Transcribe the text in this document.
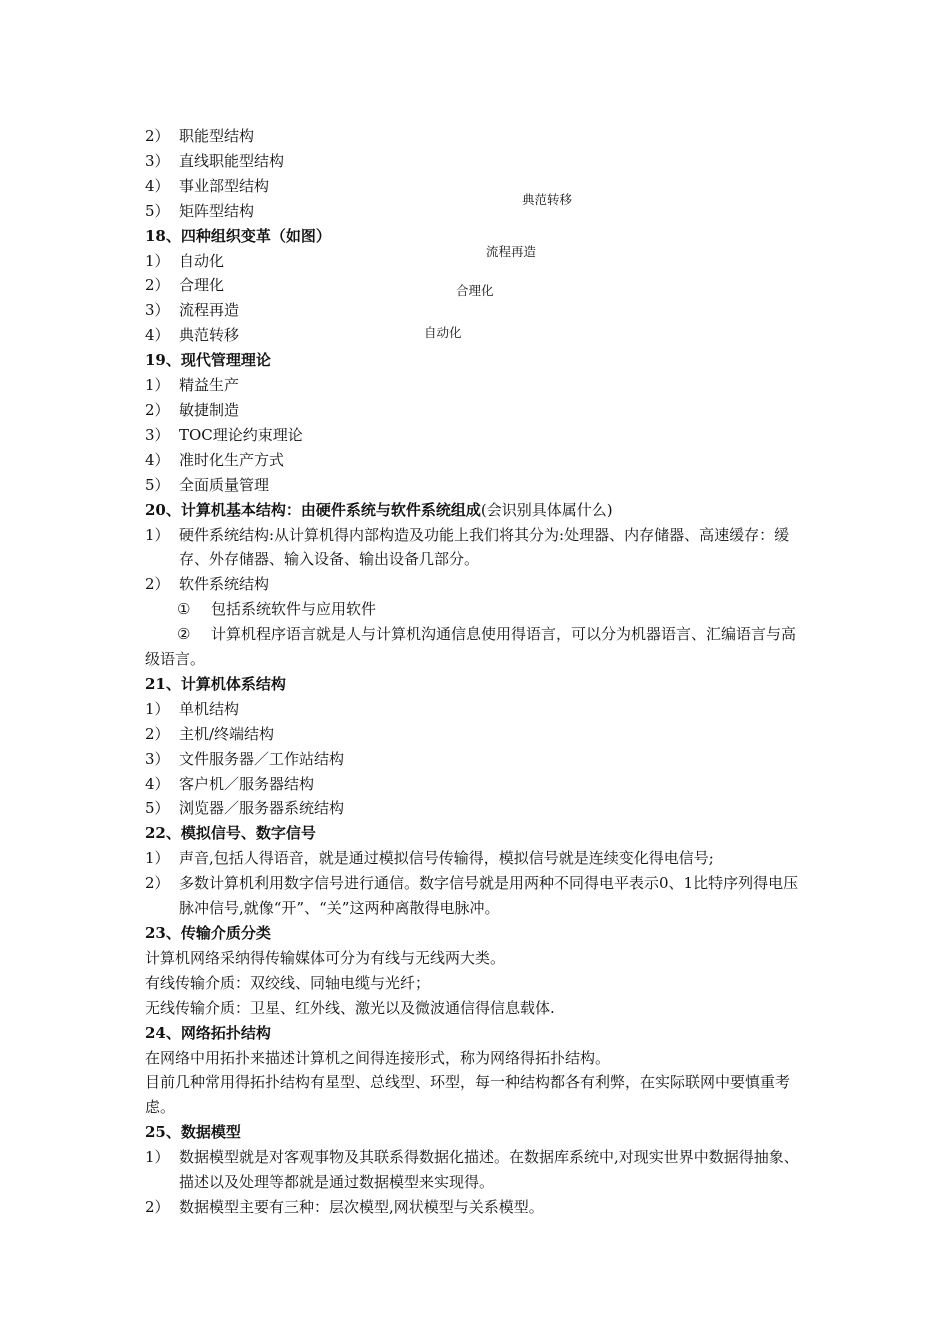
典范转移
流程再造
合理化
自动化
2） 职能型结构
3） 直线职能型结构
4） 事业部型结构
5） 矩阵型结构
18、四种组织变革（如图）
1） 自动化
2） 合理化
3） 流程再造
4） 典范转移
19、现代管理理论
1） 精益生产
2） 敏捷制造
3） TOC理论约束理论
4） 准时化生产方式
5） 全面质量管理
20、计算机基本结构：由硬件系统与软件系统组成(会识别具体属什么)
1） 硬件系统结构:从计算机得内部构造及功能上我们将其分为:处理器、内存储器、高速缓存：缓存、外存储器、输入设备、输出设备几部分。
2） 软件系统结构
① 包括系统软件与应用软件
② 计算机程序语言就是人与计算机沟通信息使用得语言，可以分为机器语言、汇编语言与高级语言。
21、计算机体系结构
1） 单机结构
2） 主机/终端结构
3） 文件服务器／工作站结构
4） 客户机／服务器结构
5） 浏览器／服务器系统结构
22、模拟信号、数字信号
1） 声音,包括人得语音，就是通过模拟信号传输得，模拟信号就是连续变化得电信号;
2） 多数计算机利用数字信号进行通信。数字信号就是用两种不同得电平表示0、1比特序列得电压脉冲信号,就像“开”、“关”这两种离散得电脉冲。
23、传输介质分类
计算机网络采纳得传输媒体可分为有线与无线两大类。
有线传输介质：双绞线、同轴电缆与光纤；
无线传输介质：卫星、红外线、激光以及微波通信得信息载体.
24、网络拓扑结构
在网络中用拓扑来描述计算机之间得连接形式，称为网络得拓扑结构。
目前几种常用得拓扑结构有星型、总线型、环型，每一种结构都各有利弊，在实际联网中要慎重考虑。
25、数据模型
1） 数据模型就是对客观事物及其联系得数据化描述。在数据库系统中,对现实世界中数据得抽象、描述以及处理等都就是通过数据模型来实现得。
2） 数据模型主要有三种：层次模型,网状模型与关系模型。
